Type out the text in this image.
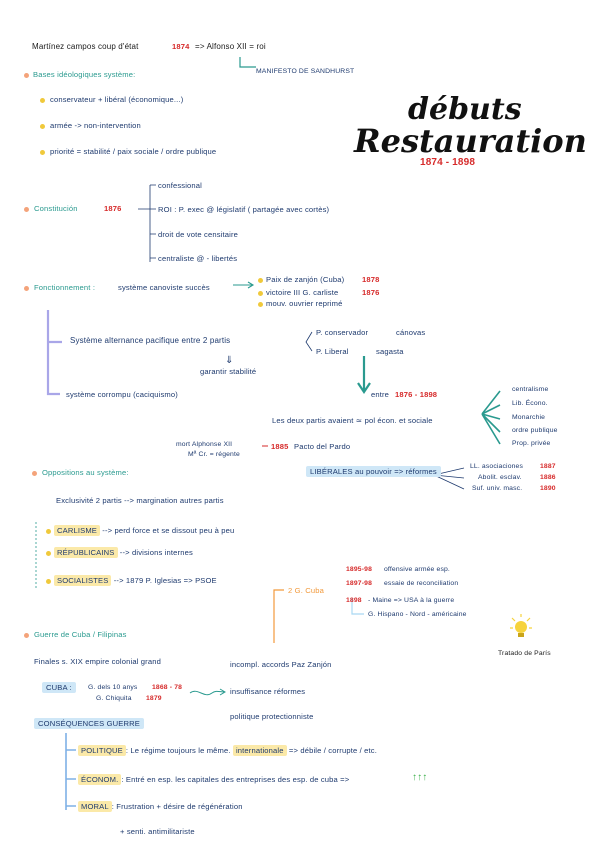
débuts
Restauration
1874 - 1898
Martínez campos coup d'état	1874 => Alfonso XII = roi
MANIFESTO DE SANDHURST
Bases idéologiques système:
conservateur + libéral (économique...)
armée -> non-intervention
priorité = stabilité / paix sociale / ordre publique
Constitución	1876
confessional
ROI : P. exec @ législatif ( partagée avec cortès)
droit de vote censitaire
centraliste @ - libertés
Fonctionnement :	système canoviste succès
Paix de zanjón (Cuba) 1878
victoire III G. carliste	1876
mouv. ouvrier reprimé
Système alternance pacifique entre 2 partis
P. conservador	cánovas
P. Liberal	sagasta
⇓
garantir stabilité
système corrompu (caciquismo)	entre 1876 - 1898
Les deux partis avaient ≃ pol écon. et sociale
centralisme
Lib. Écono.
Monarchie
ordre publique
Prop. privée
mort Alphonse XII
Mª Cr. = régente
1885 Pacto del Pardo
LIBÉRALES au pouvoir => réformes
LL. asociaciones 1887
Abolit. esclav.	1886
Suf. univ. masc.	1890
Oppositions au système:
Exclusivité 2 partis --> margination autres partis
CARLISME --> perd force et se dissout peu à peu
RÉPUBLICAINS --> divisions internes
SOCIALISTES --> 1879 P. Iglesias => PSOE
2 G. Cuba
1895-98 offensive armée esp.
1897-98 essaie de reconciliation
1898 - Maine => USA à la guerre
G. Hispano - Nord - américaine
Tratado de París
Guerre de Cuba / Filipinas
Finales s. XIX empire colonial grand	incompl. accords Paz Zanjón
CUBA :	G. dels 10 anys 1868 - 78
G. Chiquita 1879
insuffisance réformes
politique protectionniste
CONSÉQUENCES GUERRE
POLITIQUE : Le régime toujours le même. internationale => débile / corrupte / etc.
ÉCONOM. : Entré en esp. les capitales des entreprises des esp. de cuba =>	↑↑↑
MORAL : Frustration + désire de régénération
+ senti. antimilitariste
